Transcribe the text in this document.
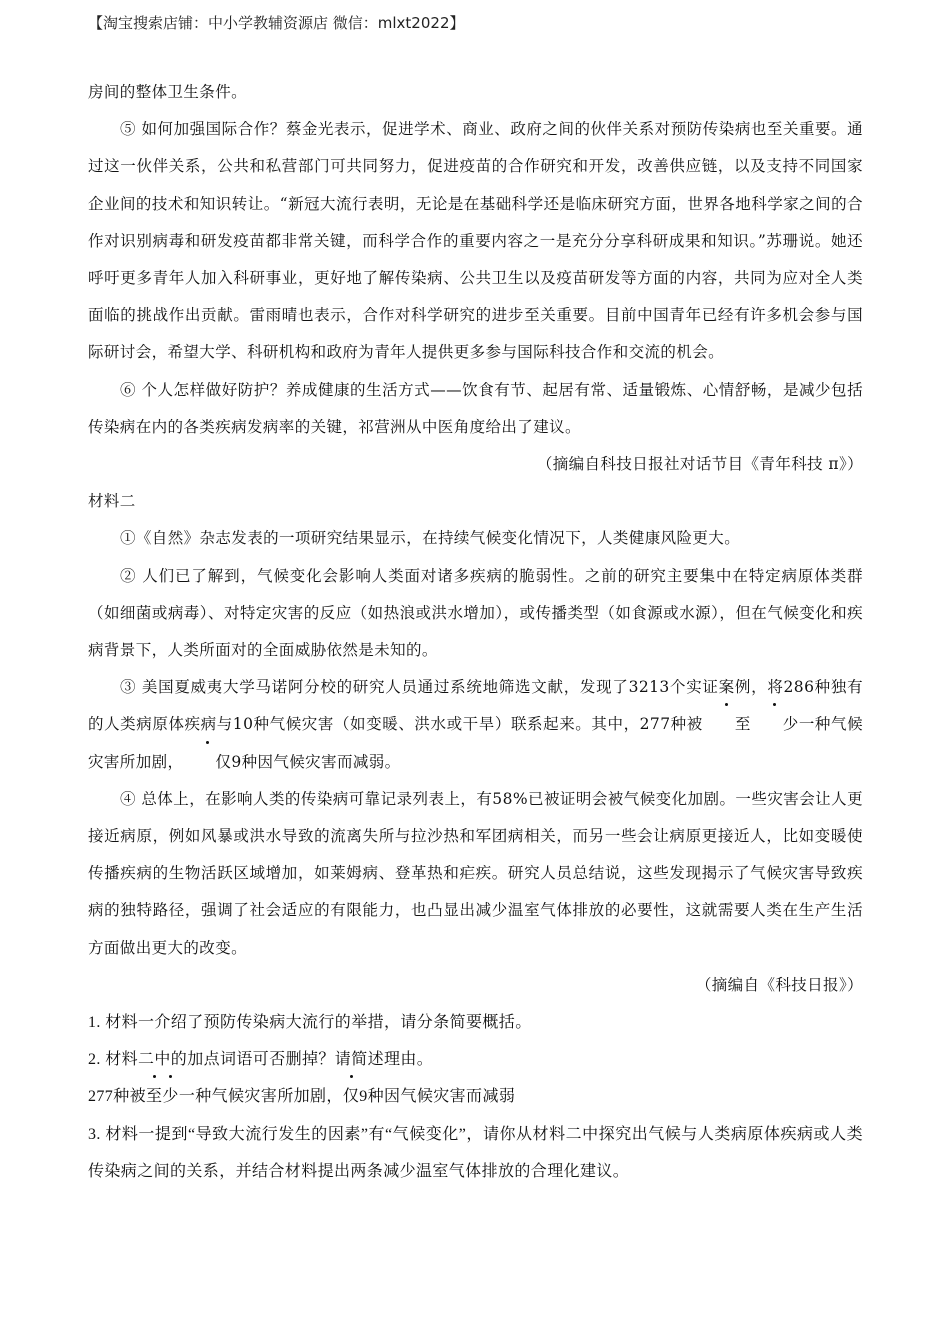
【淘宝搜索店铺：中小学教辅资源店 微信：mlxt2022】

房间的整体卫生条件。

⑤ 如何加强国际合作？蔡金光表示，促进学术、商业、政府之间的伙伴关系对预防传染病也至关重要。通过这一伙伴关系，公共和私营部门可共同努力，促进疫苗的合作研究和开发，改善供应链，以及支持不同国家企业间的技术和知识转让。“新冠大流行表明，无论是在基础科学还是临床研究方面，世界各地科学家之间的合作对识别病毒和研发疫苗都非常关键，而科学合作的重要内容之一是充分分享科研成果和知识。”苏珊说。她还呼吁更多青年人加入科研事业，更好地了解传染病、公共卫生以及疫苗研发等方面的内容，共同为应对全人类面临的挑战作出贡献。雷雨晴也表示，合作对科学研究的进步至关重要。目前中国青年已经有许多机会参与国际研讨会，希望大学、科研机构和政府为青年人提供更多参与国际科技合作和交流的机会。

⑥ 个人怎样做好防护？养成健康的生活方式——饮食有节、起居有常、适量锻炼、心情舒畅，是减少包括传染病在内的各类疾病发病率的关键，祁营洲从中医角度给出了建议。

（摘编自科技日报社对话节目《青年科技 π》）

材料二

①《自然》杂志发表的一项研究结果显示，在持续气候变化情况下，人类健康风险更大。

② 人们已了解到，气候变化会影响人类面对诸多疾病的脆弱性。之前的研究主要集中在特定病原体类群（如细菌或病毒）、对特定灾害的反应（如热浪或洪水增加），或传播类型（如食源或水源），但在气候变化和疾病背景下，人类所面对的全面威胁依然是未知的。

③ 美国夏威夷大学马诺阿分校的研究人员通过系统地筛选文献，发现了3213个实证案例，将286种独有的人类病原体疾病与10种气候灾害（如变暖、洪水或干旱）联系起来。其中，277种被 至 少一种气候灾害所加剧， 仅9种因气候灾害而减弱。

④ 总体上，在影响人类的传染病可靠记录列表上，有58%已被证明会被气候变化加剧。一些灾害会让人更接近病原，例如风暴或洪水导致的流离失所与拉沙热和军团病相关，而另一些会让病原更接近人，比如变暖使传播疾病的生物活跃区域增加，如莱姆病、登革热和疟疾。研究人员总结说，这些发现揭示了气候灾害导致疾病的独特路径，强调了社会适应的有限能力，也凸显出减少温室气体排放的必要性，这就需要人类在生产生活方面做出更大的改变。

（摘编自《科技日报》）

1. 材料一介绍了预防传染病大流行的举措，请分条简要概括。

2. 材料二中的加点词语可否删掉？请简述理由。

277种被至少一种气候灾害所加剧，仅9种因气候灾害而减弱

3. 材料一提到“导致大流行发生的因素”有“气候变化”，请你从材料二中探究出气候与人类病原体疾病或人类传染病之间的关系，并结合材料提出两条减少温室气体排放的合理化建议。
